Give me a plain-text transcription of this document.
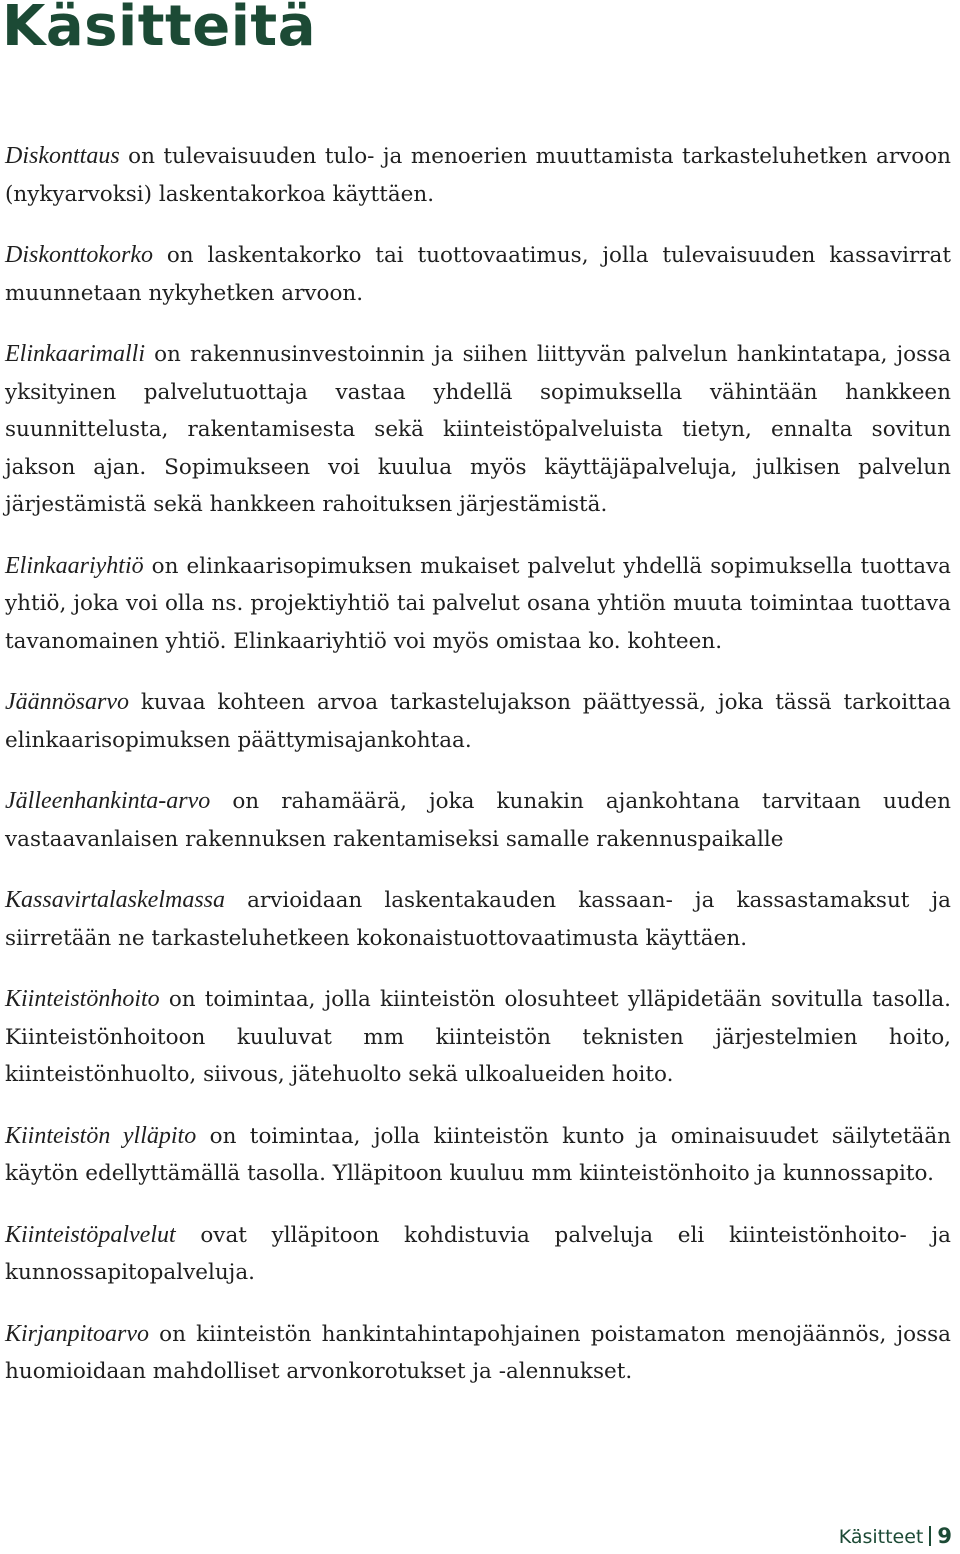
Käsitteitä

Diskonttaus on tulevaisuuden tulo- ja menoerien muuttamista tarkasteluhetken arvoon (nykyarvoksi) laskentakorkoa käyttäen.

Diskonttokorko on laskentakorko tai tuottovaatimus, jolla tulevaisuuden kassavirrat muunnetaan nykyhetken arvoon.

Elinkaarimalli on rakennusinvestoinnin ja siihen liittyvän palvelun hankintatapa, jossa yksityinen palvelutuottaja vastaa yhdellä sopimuksella vähintään hankkeen suunnittelusta, rakentamisesta sekä kiinteistöpalveluista tietyn, ennalta sovitun jakson ajan. Sopimukseen voi kuulua myös käyttäjäpalveluja, julkisen palvelun järjestämistä sekä hankkeen rahoituksen järjestämistä.

Elinkaariyhtiö on elinkaarisopimuksen mukaiset palvelut yhdellä sopimuksella tuottava yhtiö, joka voi olla ns. projektiyhtiö tai palvelut osana yhtiön muuta toimintaa tuottava tavanomainen yhtiö. Elinkaariyhtiö voi myös omistaa ko. kohteen.

Jäännösarvo kuvaa kohteen arvoa tarkastelujakson päättyessä, joka tässä tarkoittaa elinkaarisopimuksen päättymisajankohtaa.

Jälleenhankinta-arvo on rahamäärä, joka kunakin ajankohtana tarvitaan uuden vastaavanlaisen rakennuksen rakentamiseksi samalle rakennuspaikalle

Kassavirtalaskelmassa arvioidaan laskentakauden kassaan- ja kassastamaksut ja siirretään ne tarkasteluhetkeen kokonaistuottovaatimusta käyttäen.

Kiinteistönhoito on toimintaa, jolla kiinteistön olosuhteet ylläpidetään sovitulla tasolla. Kiinteistönhoitoon kuuluvat mm kiinteistön teknisten järjestelmien hoito, kiinteistönhuolto, siivous, jätehuolto sekä ulkoalueiden hoito.

Kiinteistön ylläpito on toimintaa, jolla kiinteistön kunto ja ominaisuudet säilytetään käytön edellyttämällä tasolla. Ylläpitoon kuuluu mm kiinteistönhoito ja kunnossapito.

Kiinteistöpalvelut ovat ylläpitoon kohdistuvia palveluja eli kiinteistönhoito- ja kunnossapitopalveluja.

Kirjanpitoarvo on kiinteistön hankintahintapohjainen poistamaton menojäännös, jossa huomioidaan mahdolliset arvonkorotukset ja -alennukset.

Käsitteet 9
